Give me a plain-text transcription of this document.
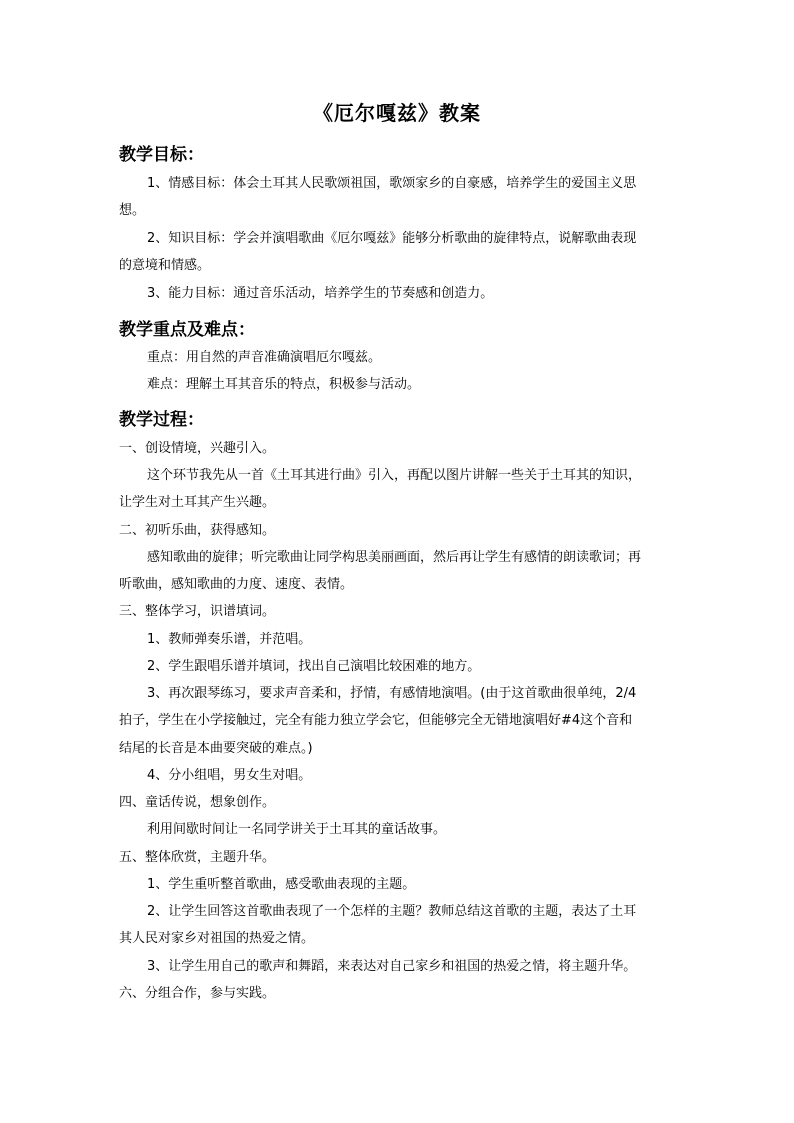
《厄尔嘎兹》教案
教学目标：
1、情感目标：体会土耳其人民歌颂祖国，歌颂家乡的自豪感，培养学生的爱国主义思
想。
2、知识目标：学会并演唱歌曲《厄尔嘎兹》能够分析歌曲的旋律特点，说解歌曲表现
的意境和情感。
3、能力目标：通过音乐活动，培养学生的节奏感和创造力。
教学重点及难点：
重点：用自然的声音准确演唱厄尔嘎兹。
难点：理解土耳其音乐的特点，积极参与活动。
教学过程：
一、创设情境，兴趣引入。
这个环节我先从一首《土耳其进行曲》引入，再配以图片讲解一些关于土耳其的知识，
让学生对土耳其产生兴趣。
二、初听乐曲，获得感知。
感知歌曲的旋律；听完歌曲让同学构思美丽画面，然后再让学生有感情的朗读歌词；再
听歌曲，感知歌曲的力度、速度、表情。
三、整体学习，识谱填词。
1、教师弹奏乐谱，并范唱。
2、学生跟唱乐谱并填词，找出自己演唱比较困难的地方。
3、再次跟琴练习，要求声音柔和，抒情，有感情地演唱。(由于这首歌曲很单纯，2/4
拍子，学生在小学接触过，完全有能力独立学会它，但能够完全无错地演唱好#4这个音和
结尾的长音是本曲要突破的难点。)
4、分小组唱，男女生对唱。
四、童话传说，想象创作。
利用间歇时间让一名同学讲关于土耳其的童话故事。
五、整体欣赏，主题升华。
1、学生重听整首歌曲，感受歌曲表现的主题。
2、让学生回答这首歌曲表现了一个怎样的主题？教师总结这首歌的主题，表达了土耳
其人民对家乡对祖国的热爱之情。
3、让学生用自己的歌声和舞蹈，来表达对自己家乡和祖国的热爱之情，将主题升华。
六、分组合作，参与实践。
